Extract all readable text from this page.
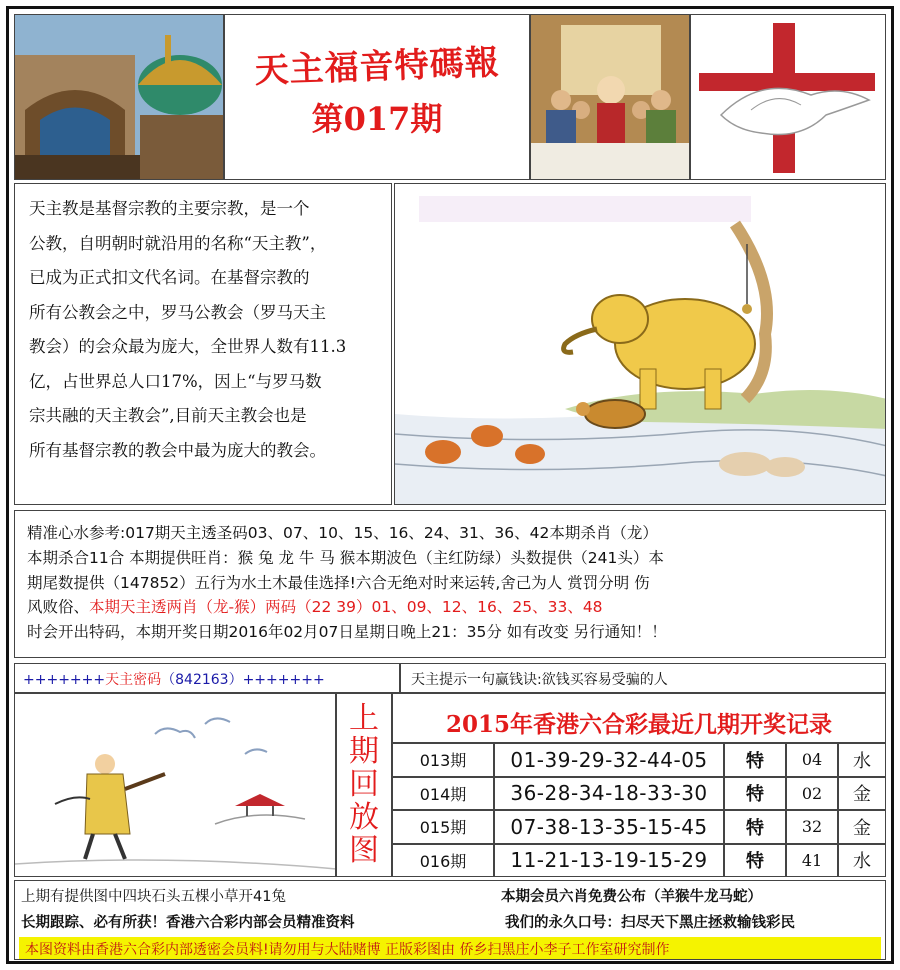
天主福音特碼報
第017期

天主教是基督宗教的主要宗教，是一个

公教，自明朝时就沿用的名称“天主教”，

已成为正式扣文代名词。在基督宗教的

所有公教会之中，罗马公教会（罗马天主

教会）的会众最为庞大，全世界人数有11.3

亿，占世界总人口17%，因上“与罗马数

宗共融的天主教会”,目前天主教会也是

所有基督宗教的教会中最为庞大的教会。

精准心水参考:017期天主透圣码03、07、10、15、16、24、31、36、42本期杀肖（龙）
本期杀合11合 本期提供旺肖：猴 兔 龙 牛 马 猴本期波色（主红防绿）头数提供（241头）本
期尾数提供（147852）五行为水土木最佳选择!六合无绝对时来运转,舍己为人 赏罚分明 伤
风败俗、本期天主透两肖（龙-猴）两码（22 39）01、09、12、16、25、33、48
时会开出特码，本期开奖日期2016年02月07日星期日晚上21：35分 如有改变 另行通知！！
+++++++天主密码（842163）+++++++	天主提示一句赢钱诀:欲钱买容易受骗的人
上
期
回
放
图
2015年香港六合彩最近几期开奖记录
013期	01-39-29-32-44-05	特	04	水
014期	36-28-34-18-33-30	特	02	金
015期	07-38-13-35-15-45	特	32	金
016期	11-21-13-19-15-29	特	41	水
上期有提供图中四块石头五棵小草开41兔	本期会员六肖免费公布（羊猴牛龙马蛇）
长期跟踪、必有所获！香港六合彩内部会员精准资料	我们的永久口号：扫尽天下黑庄拯救输钱彩民
本图资料由香港六合彩内部透密会员料!请勿用与大陆赌博 正版彩图由 侨乡扫黑庄小李子工作室研究制作
